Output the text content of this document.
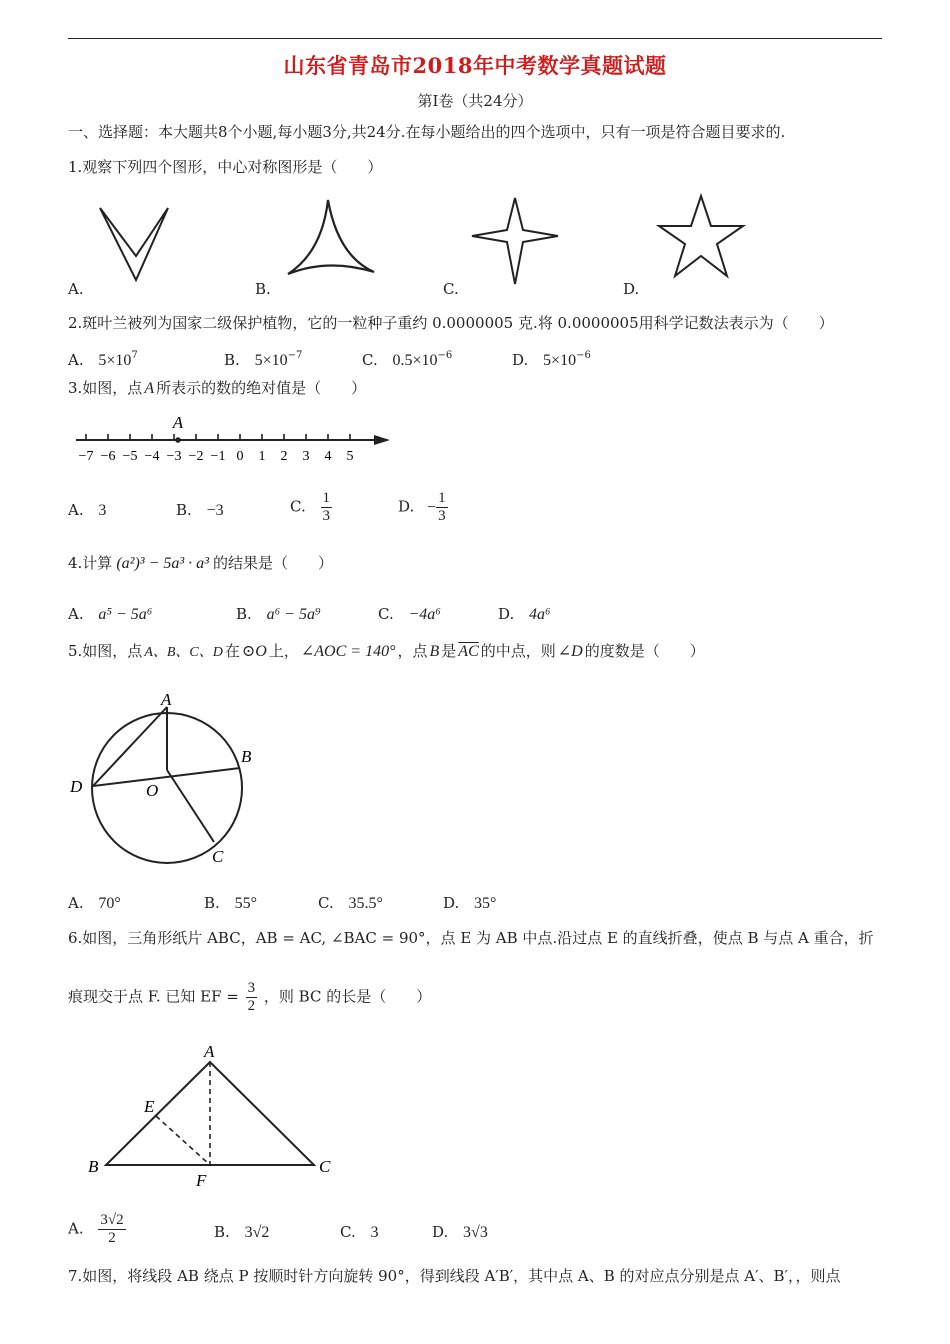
山东省青岛市2018年中考数学真题试题
第Ⅰ卷（共24分）
一、选择题：本大题共8个小题,每小题3分,共24分.在每小题给出的四个选项中，只有一项是符合题目要求的.
1.观察下列四个图形，中心对称图形是（　　）
A.	B.	C.	D.
2.斑叶兰被列为国家二级保护植物，它的一粒种子重约 0.0000005 克.将 0.0000005用科学记数法表示为（　　）
A. $5\times 10^7$	B. $5\times 10^{-7}$	C. $0.5\times 10^{-6}$	D. $5\times 10^{-6}$
3.如图，点 A 所表示的数的绝对值是（　　）
−7 −6 −5 −4 −3 −2 −1 0 1 2 3 4 5
A
A. 3	B. −3	C. $\frac{1}{3}$	D. − $\frac{1}{3}$
4.计算 (a²)³ − 5a³ · a³ 的结果是（　　）
A. a⁵ − 5a⁶	B. a⁶ − 5a⁹	C. −4a⁶	D. 4a⁶
5.如图，点 A、B、C、D 在 ⊙O 上， ∠AOC = 140° ，点 B 是 $\overline{AC}$ 的中点，则 ∠D 的度数是（　　）
A
B
C
D	O
A. 70°	B. 55°	C. 35.5°	D. 35°
6.如图，三角形纸片 ABC，AB = AC, ∠BAC = 90°，点 E 为 AB 中点.沿过点 E 的直线折叠，使点 B 与点 A 重合，折
痕现交于点 F. 已知 EF = $\frac{3}{2}$ ，则 BC 的长是（　　）
A
E
B
F
C
A. $\frac{3√2}{2}$	B. 3√2	C. 3	D. 3√3
7.如图，将线段 AB 绕点 P 按顺时针方向旋转 90°，得到线段 A′B′，其中点 A、B 的对应点分别是点 A′、B′，，则点
